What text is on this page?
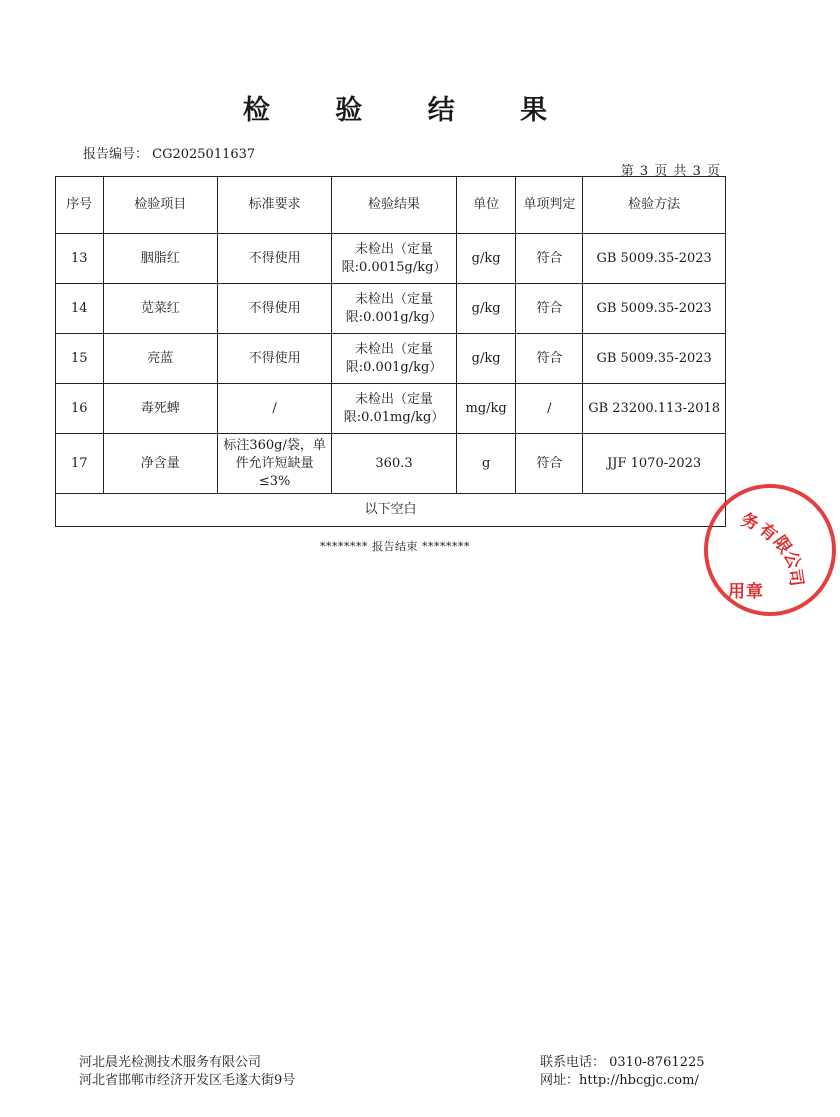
检 验 结 果
报告编号： CG2025011637
第 3 页 共 3 页
序号	检验项目	标准要求	检验结果	单位	单项判定	检验方法
13	胭脂红	不得使用	未检出（定量限:0.0015g/kg）	g/kg	符合	GB 5009.35-2023
14	苋菜红	不得使用	未检出（定量限:0.001g/kg）	g/kg	符合	GB 5009.35-2023
15	亮蓝	不得使用	未检出（定量限:0.001g/kg）	g/kg	符合	GB 5009.35-2023
16	毒死蜱	/	未检出（定量限:0.01mg/kg）	mg/kg	/	GB 23200.113-2018
17	净含量	标注360g/袋，单件允许短缺量≤3%	360.3	g	符合	JJF 1070-2023
以下空白						
******** 报告结束 ********
务
有
限
公
司
用 章
河北晨光检测技术服务有限公司
河北省邯郸市经济开发区毛遂大街9号
联系电话： 0310-8761225
网址：http://hbcgjc.com/
